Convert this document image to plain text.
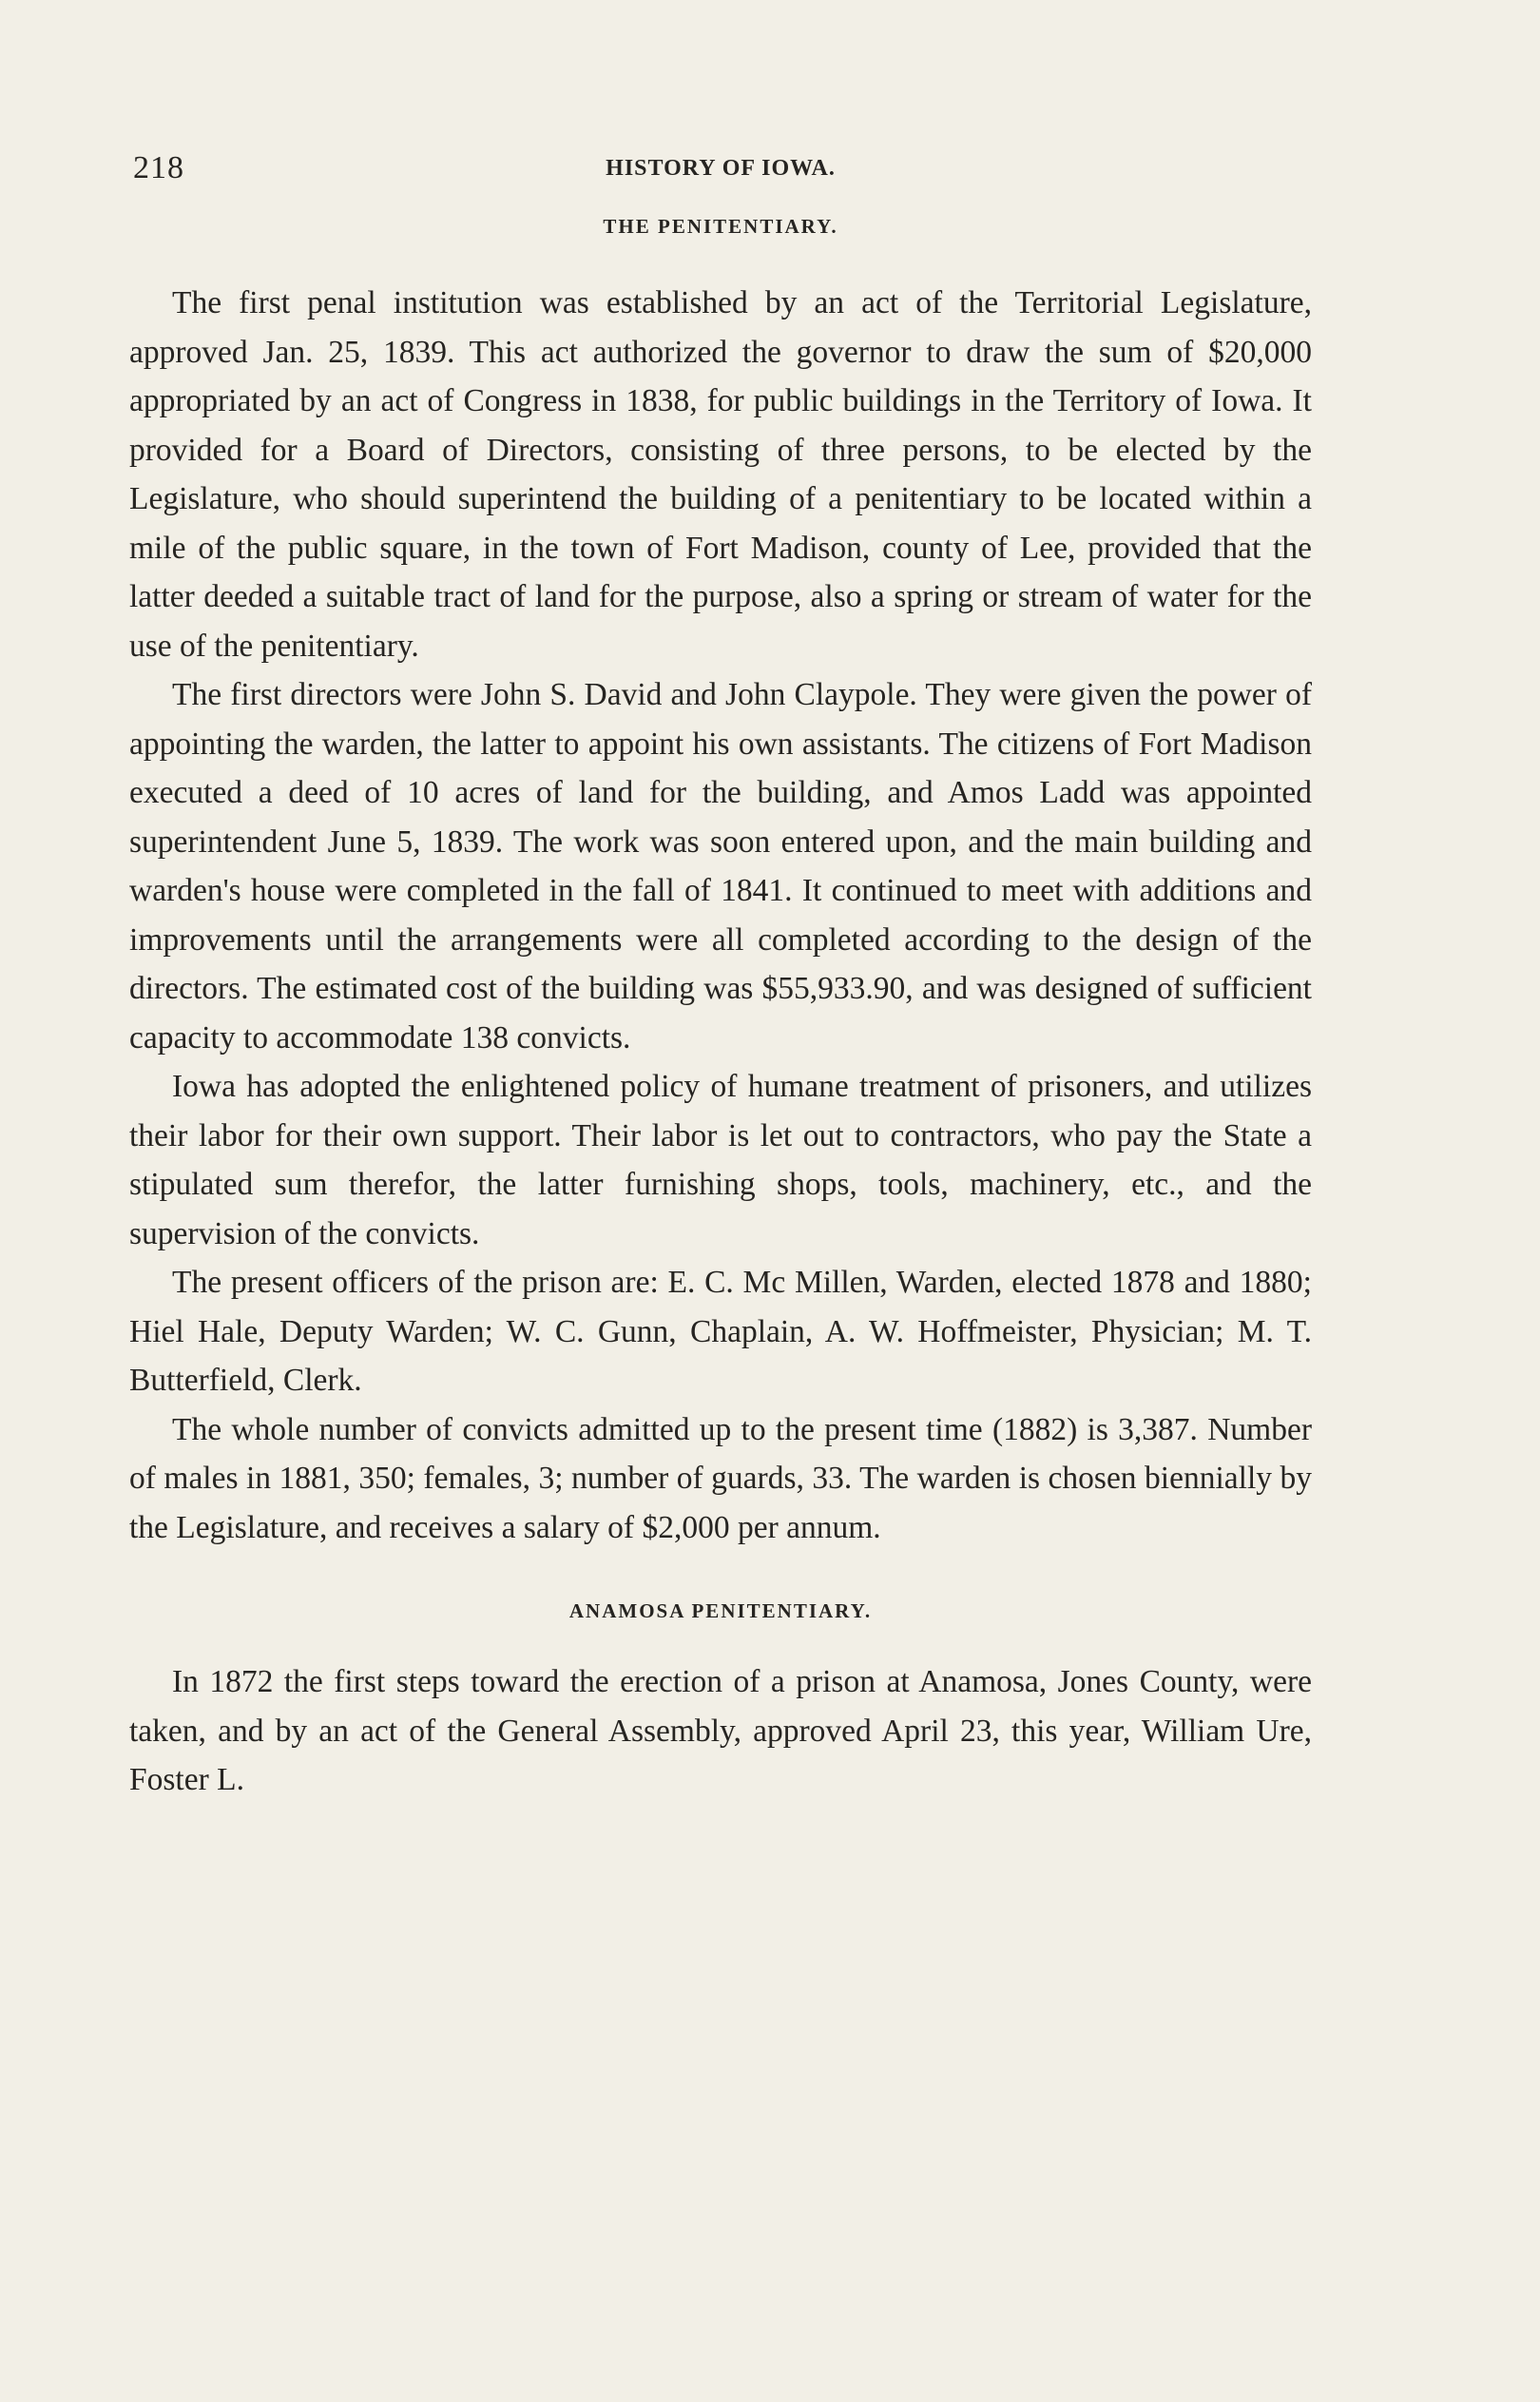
218	HISTORY OF IOWA.
THE PENITENTIARY.

The first penal institution was established by an act of the Territorial Legislature, approved Jan. 25, 1839. This act authorized the governor to draw the sum of $20,000 appropriated by an act of Congress in 1838, for public buildings in the Territory of Iowa. It provided for a Board of Directors, consisting of three persons, to be elected by the Legislature, who should superintend the building of a penitentiary to be located within a mile of the public square, in the town of Fort Madison, county of Lee, provided that the latter deeded a suitable tract of land for the purpose, also a spring or stream of water for the use of the penitentiary.

The first directors were John S. David and John Claypole. They were given the power of appointing the warden, the latter to appoint his own assistants. The citizens of Fort Madison executed a deed of 10 acres of land for the building, and Amos Ladd was appointed superintendent June 5, 1839. The work was soon entered upon, and the main building and warden's house were completed in the fall of 1841. It continued to meet with additions and improvements until the arrangements were all completed according to the design of the directors. The estimated cost of the building was $55,933.90, and was designed of sufficient capacity to accommodate 138 convicts.

Iowa has adopted the enlightened policy of humane treatment of prisoners, and utilizes their labor for their own support. Their labor is let out to contractors, who pay the State a stipulated sum therefor, the latter furnishing shops, tools, machinery, etc., and the supervision of the convicts.

The present officers of the prison are: E. C. Mc Millen, Warden, elected 1878 and 1880; Hiel Hale, Deputy Warden; W. C. Gunn, Chaplain, A. W. Hoffmeister, Physician; M. T. Butterfield, Clerk.

The whole number of convicts admitted up to the present time (1882) is 3,387. Number of males in 1881, 350; females, 3; number of guards, 33. The warden is chosen biennially by the Legislature, and receives a salary of $2,000 per annum.

ANAMOSA PENITENTIARY.

In 1872 the first steps toward the erection of a prison at Anamosa, Jones County, were taken, and by an act of the General Assembly, approved April 23, this year, William Ure, Foster L.
